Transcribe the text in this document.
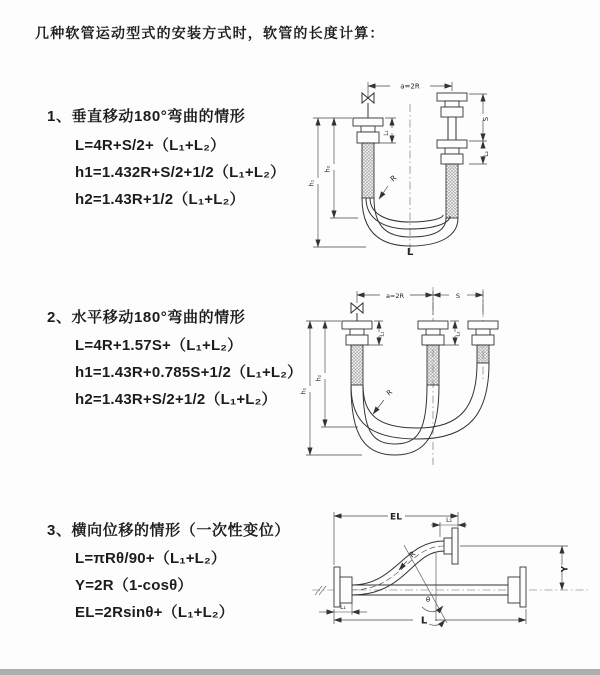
几种软管运动型式的安装方式时，软管的长度计算：
1、垂直移动180°弯曲的情形
L=4R+S/2+（L₁+L₂）
h1=1.432R+S/2+1/2（L₁+L₂）
h2=1.43R+1/2（L₁+L₂）
2、水平移动180°弯曲的情形
L=4R+1.57S+（L₁+L₂）
h1=1.43R+0.785S+1/2（L₁+L₂）
h2=1.43R+S/2+1/2（L₁+L₂）
3、横向位移的情形（一次性变位）
L=πRθ/90+（L₁+L₂）
Y=2R（1-cosθ）
EL=2Rsinθ+（L₁+L₂）
a=2R
L₁
S
L₂
h₁
h₂
R
L
a=2R	S
L₁	L₂
h₁
h₂
R
EL	L₂
Y
θ
R
L₁
L
